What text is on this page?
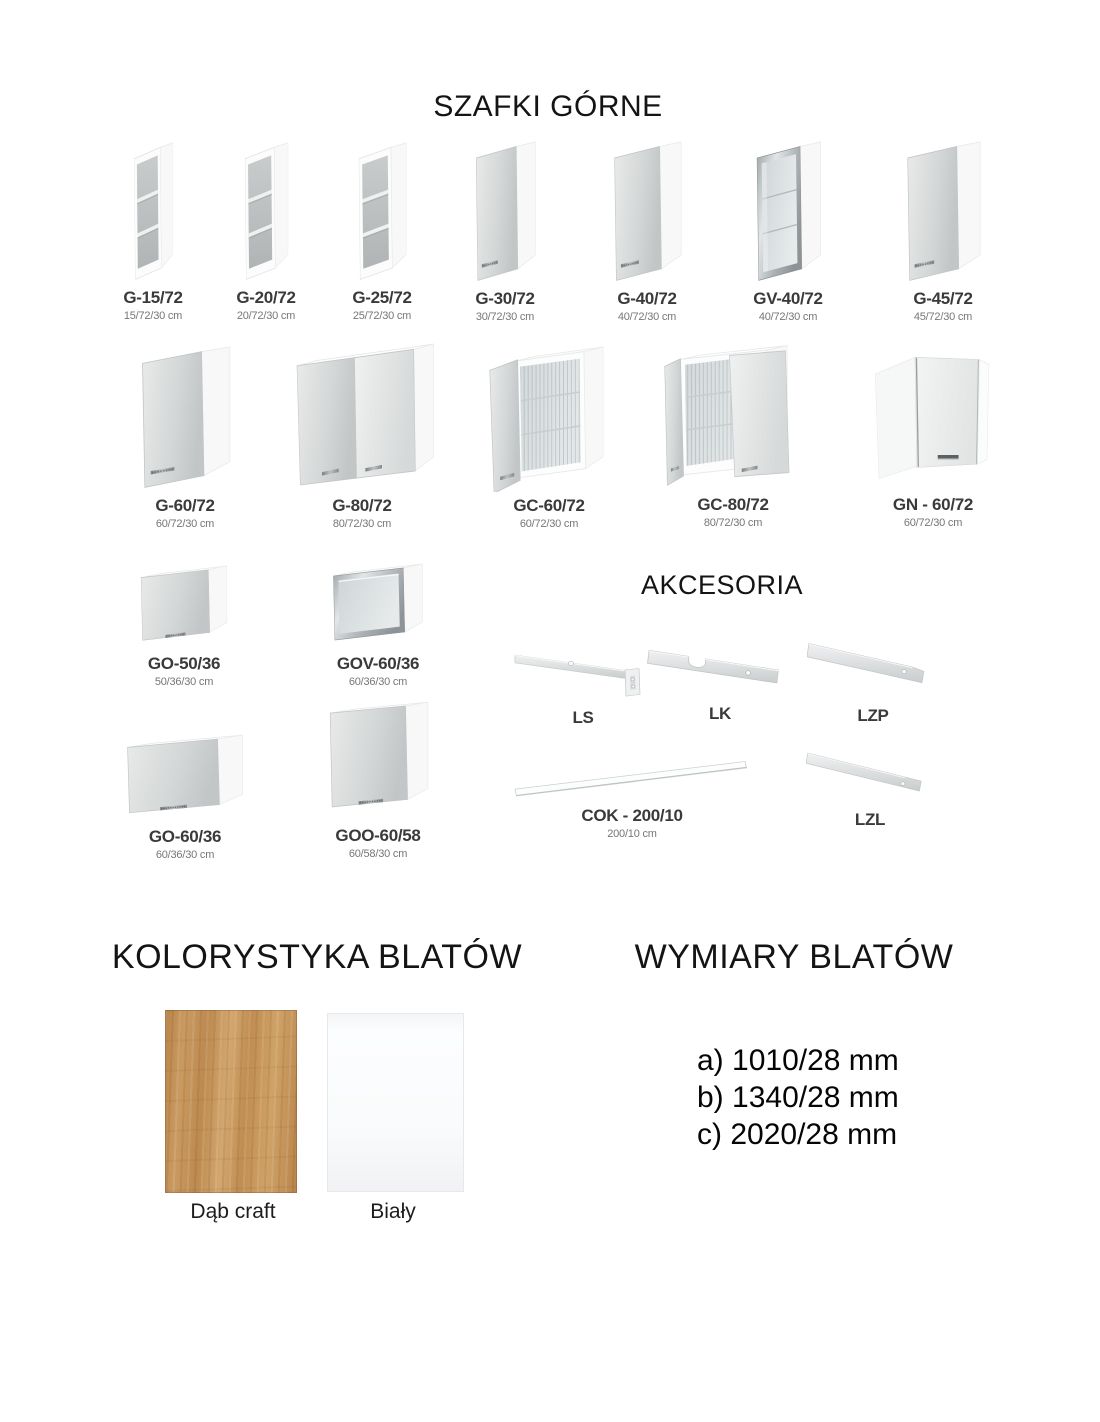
SZAFKI GÓRNE
AKCESORIA
KOLORYSTYKA BLATÓW	WYMIARY BLATÓW
G-15/72
15/72/30 cm
G-20/72
20/72/30 cm
G-25/72
25/72/30 cm
G-30/72
30/72/30 cm
G-40/72
40/72/30 cm
GV-40/72
40/72/30 cm
G-45/72
45/72/30 cm
G-60/72
60/72/30 cm
G-80/72
80/72/30 cm
GC-60/72
60/72/30 cm
GC-80/72
80/72/30 cm
GN - 60/72
60/72/30 cm
GO-50/36
50/36/30 cm
GOV-60/36
60/36/30 cm
GO-60/36
60/36/30 cm
GOO-60/58
60/58/30 cm
LS	LK	LZP
COK - 200/10
200/10 cm
LZL
Dąb craft	Biały
a) 1010/28 mm
b) 1340/28 mm
c) 2020/28 mm
